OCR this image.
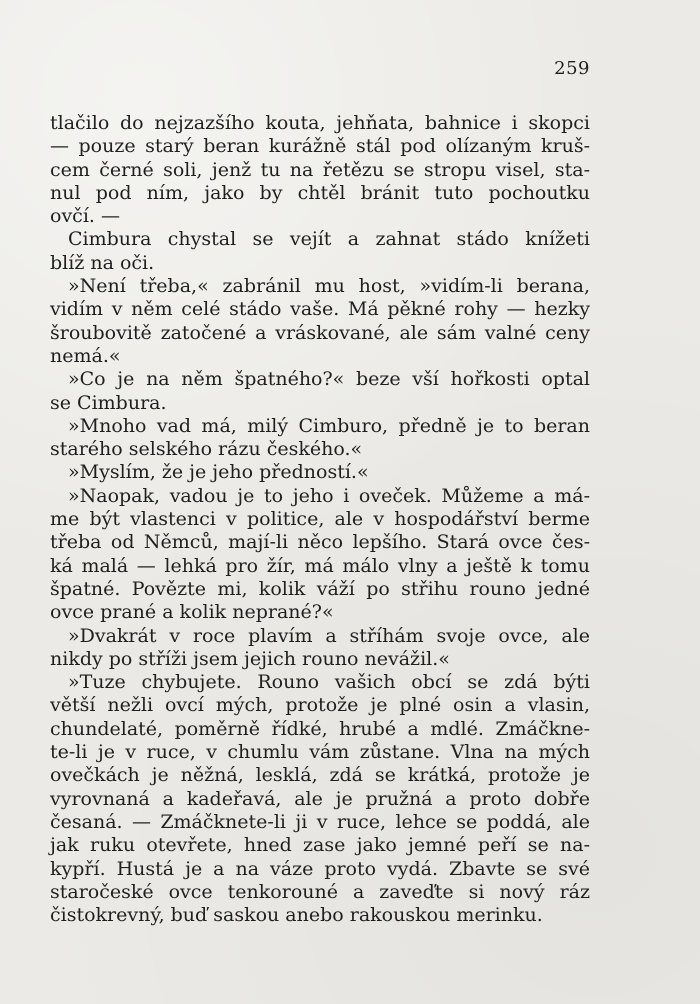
259
tlačilo do nejzazšího kouta, jehňata, bahnice i skopci
— pouze starý beran kurážně stál pod olízaným kruš-
cem černé soli, jenž tu na řetězu se stropu visel, sta-
nul pod ním, jako by chtěl bránit tuto pochoutku
ovčí. —
Cimbura chystal se vejít a zahnat stádo knížeti
blíž na oči.
»Není třeba,« zabránil mu host, »vidím-li berana,
vidím v něm celé stádo vaše. Má pěkné rohy — hezky
šroubovitě zatočené a vráskované, ale sám valné ceny
nemá.«
»Co je na něm špatného?« beze vší hořkosti optal
se Cimbura.
»Mnoho vad má, milý Cimburo, předně je to beran
starého selského rázu českého.«
»Myslím, že je jeho předností.«
»Naopak, vadou je to jeho i oveček. Můžeme a má-
me být vlastenci v politice, ale v hospodářství berme
třeba od Němců, mají-li něco lepšího. Stará ovce čes-
ká malá — lehká pro žír, má málo vlny a ještě k tomu
špatné. Povězte mi, kolik váží po střihu rouno jedné
ovce prané a kolik neprané?«
»Dvakrát v roce plavím a stříhám svoje ovce, ale
nikdy po stříži jsem jejich rouno nevážil.«
»Tuze chybujete. Rouno vašich obcí se zdá býti
větší nežli ovcí mých, protože je plné osin a vlasin,
chundelaté, poměrně řídké, hrubé a mdlé. Zmáčkne-
te-li je v ruce, v chumlu vám zůstane. Vlna na mých
ovečkách je něžná, lesklá, zdá se krátká, protože je
vyrovnaná a kadeřavá, ale je pružná a proto dobře
česaná. — Zmáčknete-li ji v ruce, lehce se poddá, ale
jak ruku otevřete, hned zase jako jemné peří se na-
kypří. Hustá je a na váze proto vydá. Zbavte se své
staročeské ovce tenkorouné a zaveďte si nový ráz
čistokrevný, buď saskou anebo rakouskou merinku.
